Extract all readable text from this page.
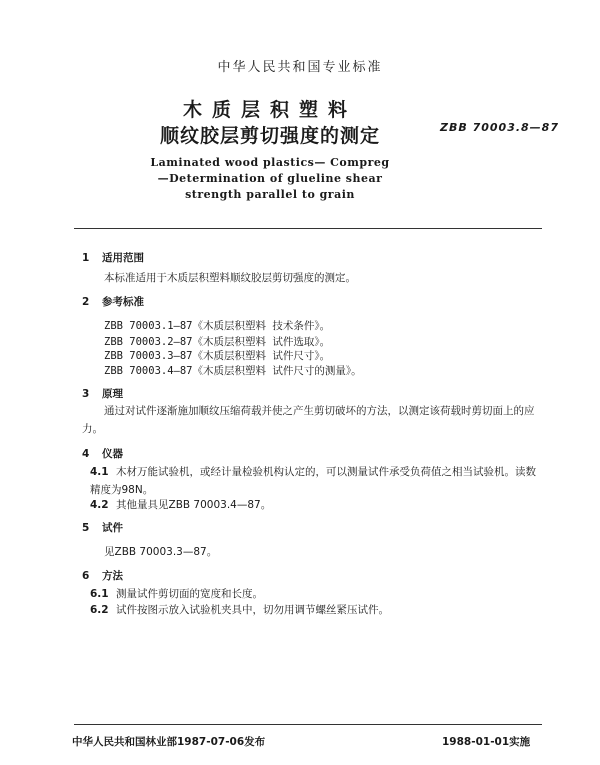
中华人民共和国专业标准
木质层积塑料
顺纹胶层剪切强度的测定	ZBB 70003.8—87
Laminated wood plastics— Compreg
—Determination of glueline shear
strength parallel to grain
1 适用范围
本标准适用于木质层积塑料顺纹胶层剪切强度的测定。
2 参考标准
ZBB 70003.1—87《木质层积塑料 技术条件》。
ZBB 70003.2—87《木质层积塑料 试件选取》。
ZBB 70003.3—87《木质层积塑料 试件尺寸》。
ZBB 70003.4—87《木质层积塑料 试件尺寸的测量》。
3 原理
通过对试件逐渐施加顺纹压缩荷载并使之产生剪切破坏的方法，以测定该荷载时剪切面上的应力。
4 仪器
4.1 木材万能试验机，或经计量检验机构认定的，可以测量试件承受负荷值之相当试验机。读数精度为98N。
4.2 其他量具见ZBB 70003.4—87。
5 试件
见ZBB 70003.3—87。
6 方法
6.1 测量试件剪切面的宽度和长度。
6.2 试件按图示放入试验机夹具中，切勿用调节螺丝紧压试件。
中华人民共和国林业部1987-07-06发布	1988-01-01实施
